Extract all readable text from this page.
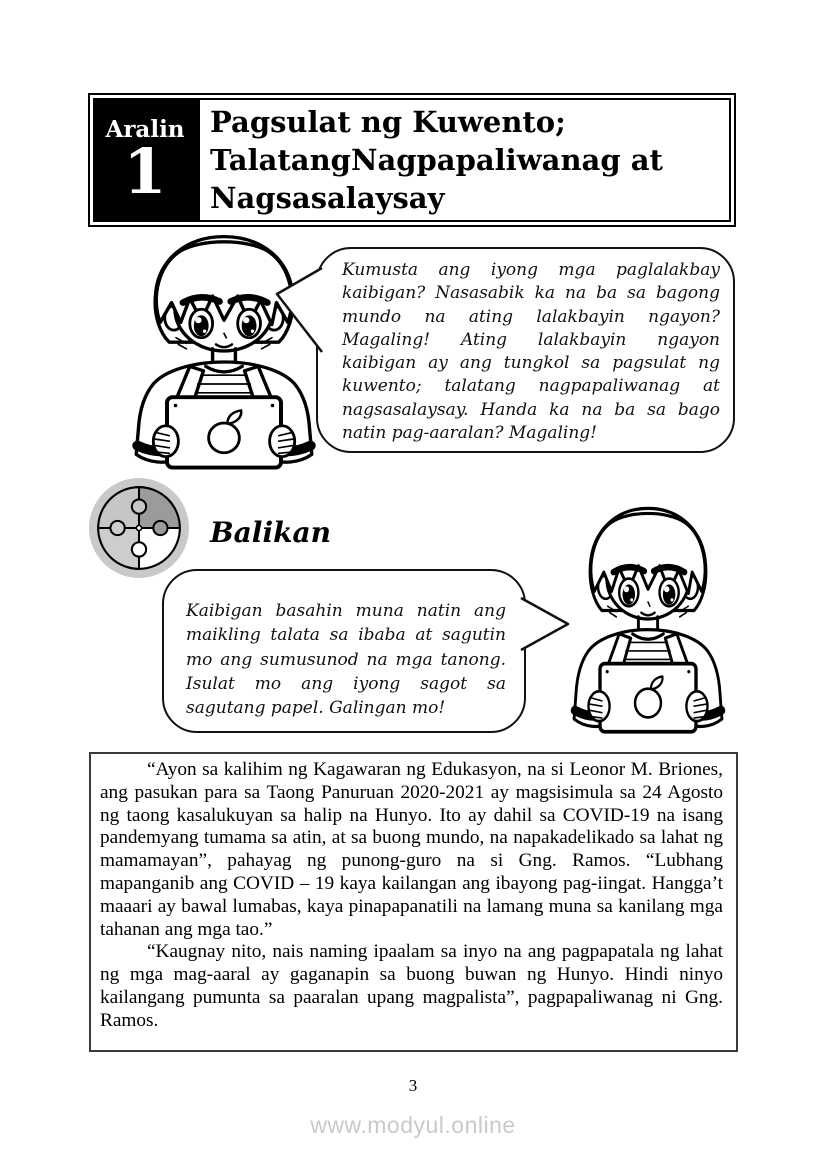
Aralin
1
Pagsulat ng Kuwento; TalatangNagpapaliwanag at Nagsasalaysay
Kumusta ang iyong mga paglalakbay kaibigan? Nasasabik ka na ba sa bagong mundo na ating lalakbayin ngayon? Magaling! Ating lalakbayin ngayon kaibigan ay ang tungkol sa pagsulat ng kuwento; talatang nagpapaliwanag at nagsasalaysay. Handa ka na ba sa bago natin pag-aaralan? Magaling!
Balikan
Kaibigan basahin muna natin ang maikling talata sa ibaba at sagutin mo ang sumusunod na mga tanong. Isulat mo ang iyong sagot sa sagutang papel. Galingan mo!

“Ayon sa kalihim ng Kagawaran ng Edukasyon, na si Leonor M. Briones, ang pasukan para sa Taong Panuruan 2020-2021 ay magsisimula sa 24 Agosto ng taong kasalukuyan sa halip na Hunyo. Ito ay dahil sa COVID-19 na isang pandemyang tumama sa atin, at sa buong mundo, na napakadelikado sa lahat ng mamamayan”, pahayag ng punong-guro na si Gng. Ramos. “Lubhang mapanganib ang COVID – 19 kaya kailangan ang ibayong pag-iingat. Hangga’t maaari ay bawal lumabas, kaya pinapapanatili na lamang muna sa kanilang mga tahanan ang mga tao.”

“Kaugnay nito, nais naming ipaalam sa inyo na ang pagpapatala ng lahat ng mga mag-aaral ay gaganapin sa buong buwan ng Hunyo. Hindi ninyo kailangang pumunta sa paaralan upang magpalista”, pagpapaliwanag ni Gng. Ramos.

3
www.modyul.online
